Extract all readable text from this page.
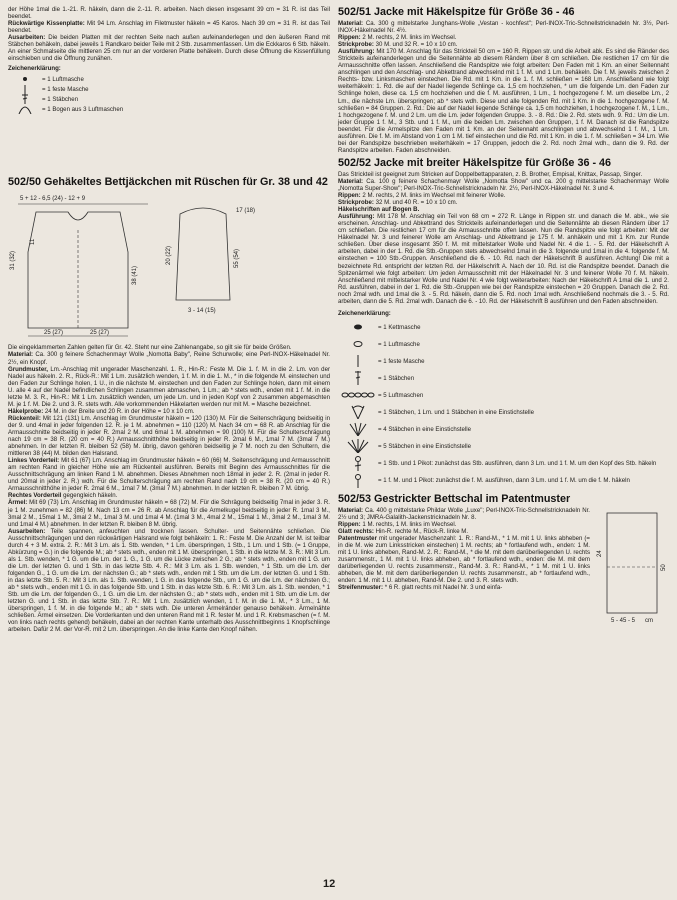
der Höhe 1mal die 1.-21. R. häkeln, dann die 2.-11. R. arbeiten. Nach diesen insgesamt 39 cm = 31 R. ist das Teil beendet.

Rückwärtige Kissenplatte: Mit 94 Lm. Anschlag im Filetmuster häkeln = 45 Karos. Nach 39 cm = 31 R. ist das Teil beendet.

Ausarbeiten: Die beiden Platten mit der rechten Seite nach außen aufeinanderlegen und den äußeren Rand mit Stäbchen behäkeln, dabei jeweils 1 Randkaro beider Teile mit 2 Stb. zusammenfassen. Um die Eckkaros 6 Stb. häkeln. An einer Schmalseite die mittleren 25 cm nur an der vorderen Platte behäkeln. Durch diese Öffnung die Kissenfüllung einschieben und die Öffnung zunähen.

Zeichenerklärung:

= 1 Luftmasche
= 1 feste Masche
= 1 Stäbchen
= 1 Bogen aus 3 Luftmaschen
502/50 Gehäkeltes Bettjäckchen mit Rüschen für Gr. 38 und 42
5 + 12 - 6,5 (24) - 12 + 9
31 (32)
11
38 (41)
17 (18)
20 (22)	55 (54)
3 - 14 (15)
25 (27)	25 (27)

Die eingeklammerten Zahlen gelten für Gr. 42. Steht nur eine Zahlenangabe, so gilt sie für beide Größen.

Material: Ca. 300 g feinere Schachenmayr Wolle „Nomotta Baby", Reine Schurwolle; eine Perl-INOX-Häkelnadel Nr. 2½, ein Knopf.

Grundmuster, Lm.-Anschlag mit ungerader Maschenzahl. 1. R., Hin-R.: Feste M. Die 1. f. M. in die 2. Lm. von der Nadel aus häkeln. 2. R., Rück-R.: Mit 1 Lm. zusätzlich wenden, 1 f. M. in die 1. M., * in die folgende M. einstechen und den Faden zur Schlinge holen, 1 U., in die nächste M. einstechen und den Faden zur Schlinge holen, dann mit einem U. alle 4 auf der Nadel befindlichen Schlingen zusammen abmaschen, 1 Lm.; ab * stets wdh., enden mit 1 f. M. in die letzte M. 3. R., Hin-R.: Mit 1 Lm. zusätzlich wenden, um jede Lm. und in jeden Kopf von 2 zusammen abgemaschten M. je 1 f. M. Die 2. und 3. R. stets wdh. Alle vorkommenden Häkelarten werden nur mit M. = Masche bezeichnet.

Häkelprobe: 24 M. in der Breite und 20 R. in der Höhe = 10 x 10 cm.

Rückenteil: Mit 121 (131) Lm. Anschlag im Grundmuster häkeln = 120 (130) M. Für die Seitenschrägung beidseitig in der 9. und 4mal in jeder folgenden 12. R. je 1 M. abnehmen = 110 (120) M. Nach 34 cm = 68 R. ab Anschlag für die Armausschnitte beidseitig in jeder R. 2mal 2 M. und 6mal 1 M. abnehmen = 90 (100) M. Für die Schulterschrägung nach 19 cm = 38 R. (20 cm = 40 R.) Armausschnitthöhe beidseitig in jeder R. 2mal 6 M., 1mal 7 M. (3mal 7 M.) abnehmen. In der letzten R. bleiben 52 (58) M. übrig, davon gehören beidseitig je 7 M. noch zu den Schultern, die mittleren 38 (44) M. bilden den Halsrand.

Linkes Vorderteil: Mit 61 (67) Lm. Anschlag im Grundmuster häkeln = 60 (66) M. Seitenschrägung und Armausschnitt am rechten Rand in gleicher Höhe wie am Rückenteil ausführen. Bereits mit Beginn des Armausschnittes für die Ausschnittschrägung am linken Rand 1 M. abnehmen. Dieses Abnehmen noch 18mal in jeder 2. R. (2mal in jeder R. und 20mal in jeder 2. R.) wdh. Für die Schulterschrägung am rechten Rand nach 19 cm = 38 R. (20 cm = 40 R.) Armausschnitthöhe in jeder R. 2mal 6 M., 1mal 7 M. (3mal 7 M.) abnehmen. In der letzten R. bleiben 7 M. übrig.

Rechtes Vorderteil gegengleich häkeln.

Ärmel: Mit 69 (73) Lm. Anschlag im Grundmuster häkeln = 68 (72) M. Für die Schrägung beidseitig 7mal in jeder 3. R. je 1 M. zunehmen = 82 (86) M. Nach 13 cm = 26 R. ab Anschlag für die Armelkugel beidseitig in jeder R. 1mal 3 M., 3mal 2 M., 15mal 1 M., 3mal 2 M., 1mal 3 M. und 1mal 4 M. (1mal 3 M., 4mal 2 M., 15mal 1 M., 3mal 2 M., 1mal 3 M. und 1mal 4 M.) abnehmen. In der letzten R. bleiben 8 M. übrig.

Ausarbeiten: Teile spannen, anfeuchten und trocknen lassen. Schulter- und Seitennähte schließen. Die Ausschnittschrägungen und den rückwärtigen Halsrand wie folgt behäkeln: 1. R.: Feste M. Die Anzahl der M. ist teilbar durch 4 + 3 M. extra. 2. R.: Mit 3 Lm. als 1. Stb. wenden, * 1 Lm. überspringen, 1 Stb., 1 Lm. und 1 Stb. (= 1 Gruppe, Abkürzung = G.) in die folgende M.; ab * stets wdh., enden mit 1 M. überspringen, 1 Stb. in die letzte M. 3. R.: Mit 3 Lm. als 1. Stb. wenden, * 1 G. um die Lm. der 1. G., 1 G. um die Lücke zwischen 2 G.; ab * stets wdh., enden mit 1 G. um die Lm. der letzten G. und 1 Stb. in das letzte Stb. 4. R.: Mit 3 Lm. als 1. Stb. wenden, * 1 Stb. um die Lm. der folgenden G., 1 G. um die Lm. der nächsten G.; ab * stets wdh., enden mit 1 Stb. um die Lm. der letzten G. und 1 Stb. in das letzte Stb. 5. R.: Mit 3 Lm. als 1. Stb. wenden, 1 G. in das folgende Stb., um 1 G. um die Lm. der nächsten G.; ab * stets wdh., enden mit 1 G. in das folgende Stb. und 1 Stb. in das letzte Stb. 6. R.: Mit 3 Lm. als 1. Stb. wenden, * 1 Stb. um die Lm. der folgenden G., 1 G. um die Lm. der nächsten G.; ab * stets wdh., enden mit 1 Stb. um die Lm. der letzten G. und 1 Stb. in das letzte Stb. 7. R.: Mit 1 Lm. zusätzlich wenden, 1 f. M. in die 1. M., * 3 Lm., 1 M. überspringen, 1 f. M. in die folgende M.; ab * stets wdh. Die unteren Ärmelränder genauso behäkeln. Ärmelnähte schließen. Ärmel einsetzen. Die Vorderkanten und den unteren Rand mit 1 R. fester M. und 1 R. Krebsmaschen (= f. M. von links nach rechts gehend) behäkeln, dabei an der rechten Kante unterhalb des Ausschnittbeginns 1 Knopfschlinge arbeiten. Dafür 2 M. der Vor-R. mit 2 Lm. überspringen. An die linke Kante den Knopf nähen.

502/51 Jacke mit Häkelspitze für Größe 36 - 46

Material: Ca. 300 g mittelstarke Junghans-Wolle „Vestan - kochfest"; Perl-INOX-Tric-Schnellstricknadeln Nr. 3½, Perl-INOX-Häkelnadel Nr. 4½.

Rippen: 2 M. rechts, 2 M. links im Wechsel.

Strickprobe: 30 M. und 32 R. = 10 x 10 cm.

Ausführung: Mit 170 M. Anschlag für das Strickteil 50 cm = 160 R. Rippen str. und die Arbeit abk. Es sind die Ränder des Strickteils aufeinanderlegen und die Seitennähte ab diesem Rändern über 8 cm schließen. Die restlichen 17 cm für die Armausschnitte offen lassen. Anschließend die Randspitze wie folgt arbeiten: Den Faden mit 1 Km. an einer Seitennaht anschlingen und den Anschlag- und Abkettrand abwechselnd mit 1 f. M. und 1 Lm. behäkeln. Die f. M. jeweils zwischen 2 Rechts- bzw. Linksmaschen einstechen. Die Rd. mit 1 Km. in die 1. f. M. schließen = 168 Lm. Anschließend wie folgt weiterhäkeln: 1. Rd. die auf der Nadel liegende Schlinge ca. 1,5 cm hochziehen, * um die folgende Lm. den Faden zur Schlinge holen, diese ca. 1,5 cm hochziehen und die f. M. ausführen, 1 Lm., 1 hochgezogene f. M. um dieselbe Lm., 2 Lm., die nächste Lm. überspringen; ab * stets wdh. Diese und alle folgenden Rd. mit 1 Km. in die 1. hochgezogene f. M. schließen = 84 Gruppen. 2. Rd.: Die auf der Nadel liegende Schlinge ca. 1,5 cm hochziehen, 1 hochgezogene f. M., 1 Lm., 1 hochgezogene f. M. und 2 Lm. um die Lm. jeder folgenden Gruppe. 3. - 8. Rd.: Die 2. Rd. stets wdh. 9. Rd.: Um die Lm. jeder Gruppe 1 f. M., 3 Stb. und 1 f. M., um die beiden Lm. zwischen den Gruppen, 1 f. M. Danach ist die Randspitze beendet. Für die Armelspitze den Faden mit 1 Km. an der Seitennaht anschlingen und abwechselnd 1 f. M., 1 Lm. ausführen. Die f. M. im Abstand von 1 cm 1 M. tief einstechen und die Rd. mit 1 Km. in die 1. f. M. schließen = 34 Lm. Wie bei der Randspitze beschrieben weiterhäkeln = 17 Gruppen, jedoch die 2. Rd. noch 2mal wdh., dann die 9. Rd. der Randspitze arbeiten. Faden abschneiden.

502/52 Jacke mit breiter Häkelspitze für Größe 36 - 46

Das Strickteil ist geeignet zum Stricken auf Doppelbettapparaten, z. B. Brother, Empisal, Knittax, Passap, Singer.

Material: Ca. 100 g feinere Schachenmayr Wolle „Nomotta Show" und ca. 200 g mittelstarke Schachenmayr Wolle „Nomotta Super-Show"; Perl-INOX-Tric-Schnellstricknadeln Nr. 2½, Perl-INOX-Häkelnadel Nr. 3 und 4.

Rippen: 2 M. rechts, 2 M. links im Wechsel mit feinerer Wolle.

Strickprobe: 32 M. und 40 R. = 10 x 10 cm.

Häkelschriften auf Bogen B.

Ausführung: Mit 178 M. Anschlag ein Teil von 68 cm = 272 R. Länge in Rippen str. und danach die M. abk., wie sie erscheinen. Anschlag- und Abkettrand des Strickteils aufeinanderlegen und die Seitennähte ab diesen Rändern über 17 cm schließen. Die restlichen 17 cm für die Armausschnitte offen lassen. Nun die Randspitze wie folgt arbeiten: Mit der Häkelnadel Nr. 3 und feinerer Wolle am Anschlag- und Abkettrand je 175 f. M. anhäkeln und mit 1 Km. zur Runde schließen. Über diese insgesamt 350 f. M. mit mittelstarker Wolle und Nadel Nr. 4 die 1. - 5. Rd. der Häkelschrift A arbeiten, dabei in der 1. Rd. die Stb.-Gruppen stets abwechselnd 1mal in die 3. folgende und 1mal in die 4. folgende f. M. einstechen = 100 Stb.-Gruppen. Anschließend die 6. - 10. Rd. nach der Häkelschrift B ausführen. Achtung! Die mit a bezeichnete Rd. entspricht der letzten Rd. der Häkelschrift A. Nach der 10. Rd. ist die Randspitze beendet. Danach die Spitzenärmel wie folgt arbeiten: Um jeden Armausschnitt mit der Häkelnadel Nr. 3 und feinerer Wolle 70 f. M. häkeln. Anschließend mit mittelstarker Wolle und Nadel Nr. 4 wie folgt weiterarbeiten: Nach der Häkelschrift A 1mal die 1. und 2. Rd. ausführen, dabei in der 1. Rd. die Stb.-Gruppen wie bei der Randspitze einstechen = 20 Gruppen. Danach die 2. Rd. noch 2mal wdh. und 1mal die 3. - 5. Rd. häkeln, dann die 5. Rd. noch 1mal wdh. Anschließend nochmals die 3. - 5. Rd. arbeiten, dann die 5. Rd. 2mal wdh. Danach die 6. - 10. Rd. der Häkelschrift B ausführen und den Faden abschneiden.

Zeichenerklärung:

= 1 Kettmasche
= 1 Luftmasche
= 1 feste Masche
= 1 Stäbchen
= 5 Luftmaschen
= 1 Stäbchen, 1 Lm. und 1 Stäbchen in eine Einstichstelle
= 4 Stäbchen in eine Einstichstelle
= 5 Stäbchen in eine Einstichstelle
= 1 Stb. und 1 Pikot: zunächst das Stb. ausführen, dann 3 Lm. und 1 f. M. um den Kopf des Stb. häkeln
= 1 f. M. und 1 Pikot: zunächst die f. M. ausführen, dann 3 Lm. und 1 f. M. um die f. M. häkeln
502/53 Gestrickter Bettschal im Patentmuster

Material: Ca. 400 g mittelstarke Phildar Wolle „Luxe"; Perl-INOX-Tric-Schnellstricknadeln Nr. 2½ und 3; JMRA-Galalith-Jackenstricknadeln Nr. 8.

Rippen: 1 M. rechts, 1 M. links im Wechsel.

Glatt rechts: Hin-R. rechte M., Rück-R. linke M.

Patentmuster mit ungerader Maschenzahl: 1. R.: Rand-M., * 1 M. mit 1 U. links abheben (= in die M. wie zum Linksstricken einstechen) 1 M. rechts; ab * fortlaufend wdh., enden: 1 M. mit 1 U. links abheben, Rand-M. 2. R.: Rand-M., * die M. mit dem darüberliegenden U. rechts zusammenstr., 1 M. mit 1 U. links abheben, ab * fortlaufend wdh., enden: die M. mit dem darüberliegenden U. rechts zusammenstr., Rand-M. 3. R.: Rand-M., * 1 M. mit 1 U. links abheben, die M. mit dem darüberliegenden U. rechts zusammenstr., ab * fortlaufend wdh., enden: 1 M. mit 1 U. abheben, Rand-M. Die 2. und 3. R. stets wdh.

Streifenmuster: * 6 R. glatt rechts mit Nadel Nr. 3 und einfa-

24
50
5 - 45 - 5 cm
12
